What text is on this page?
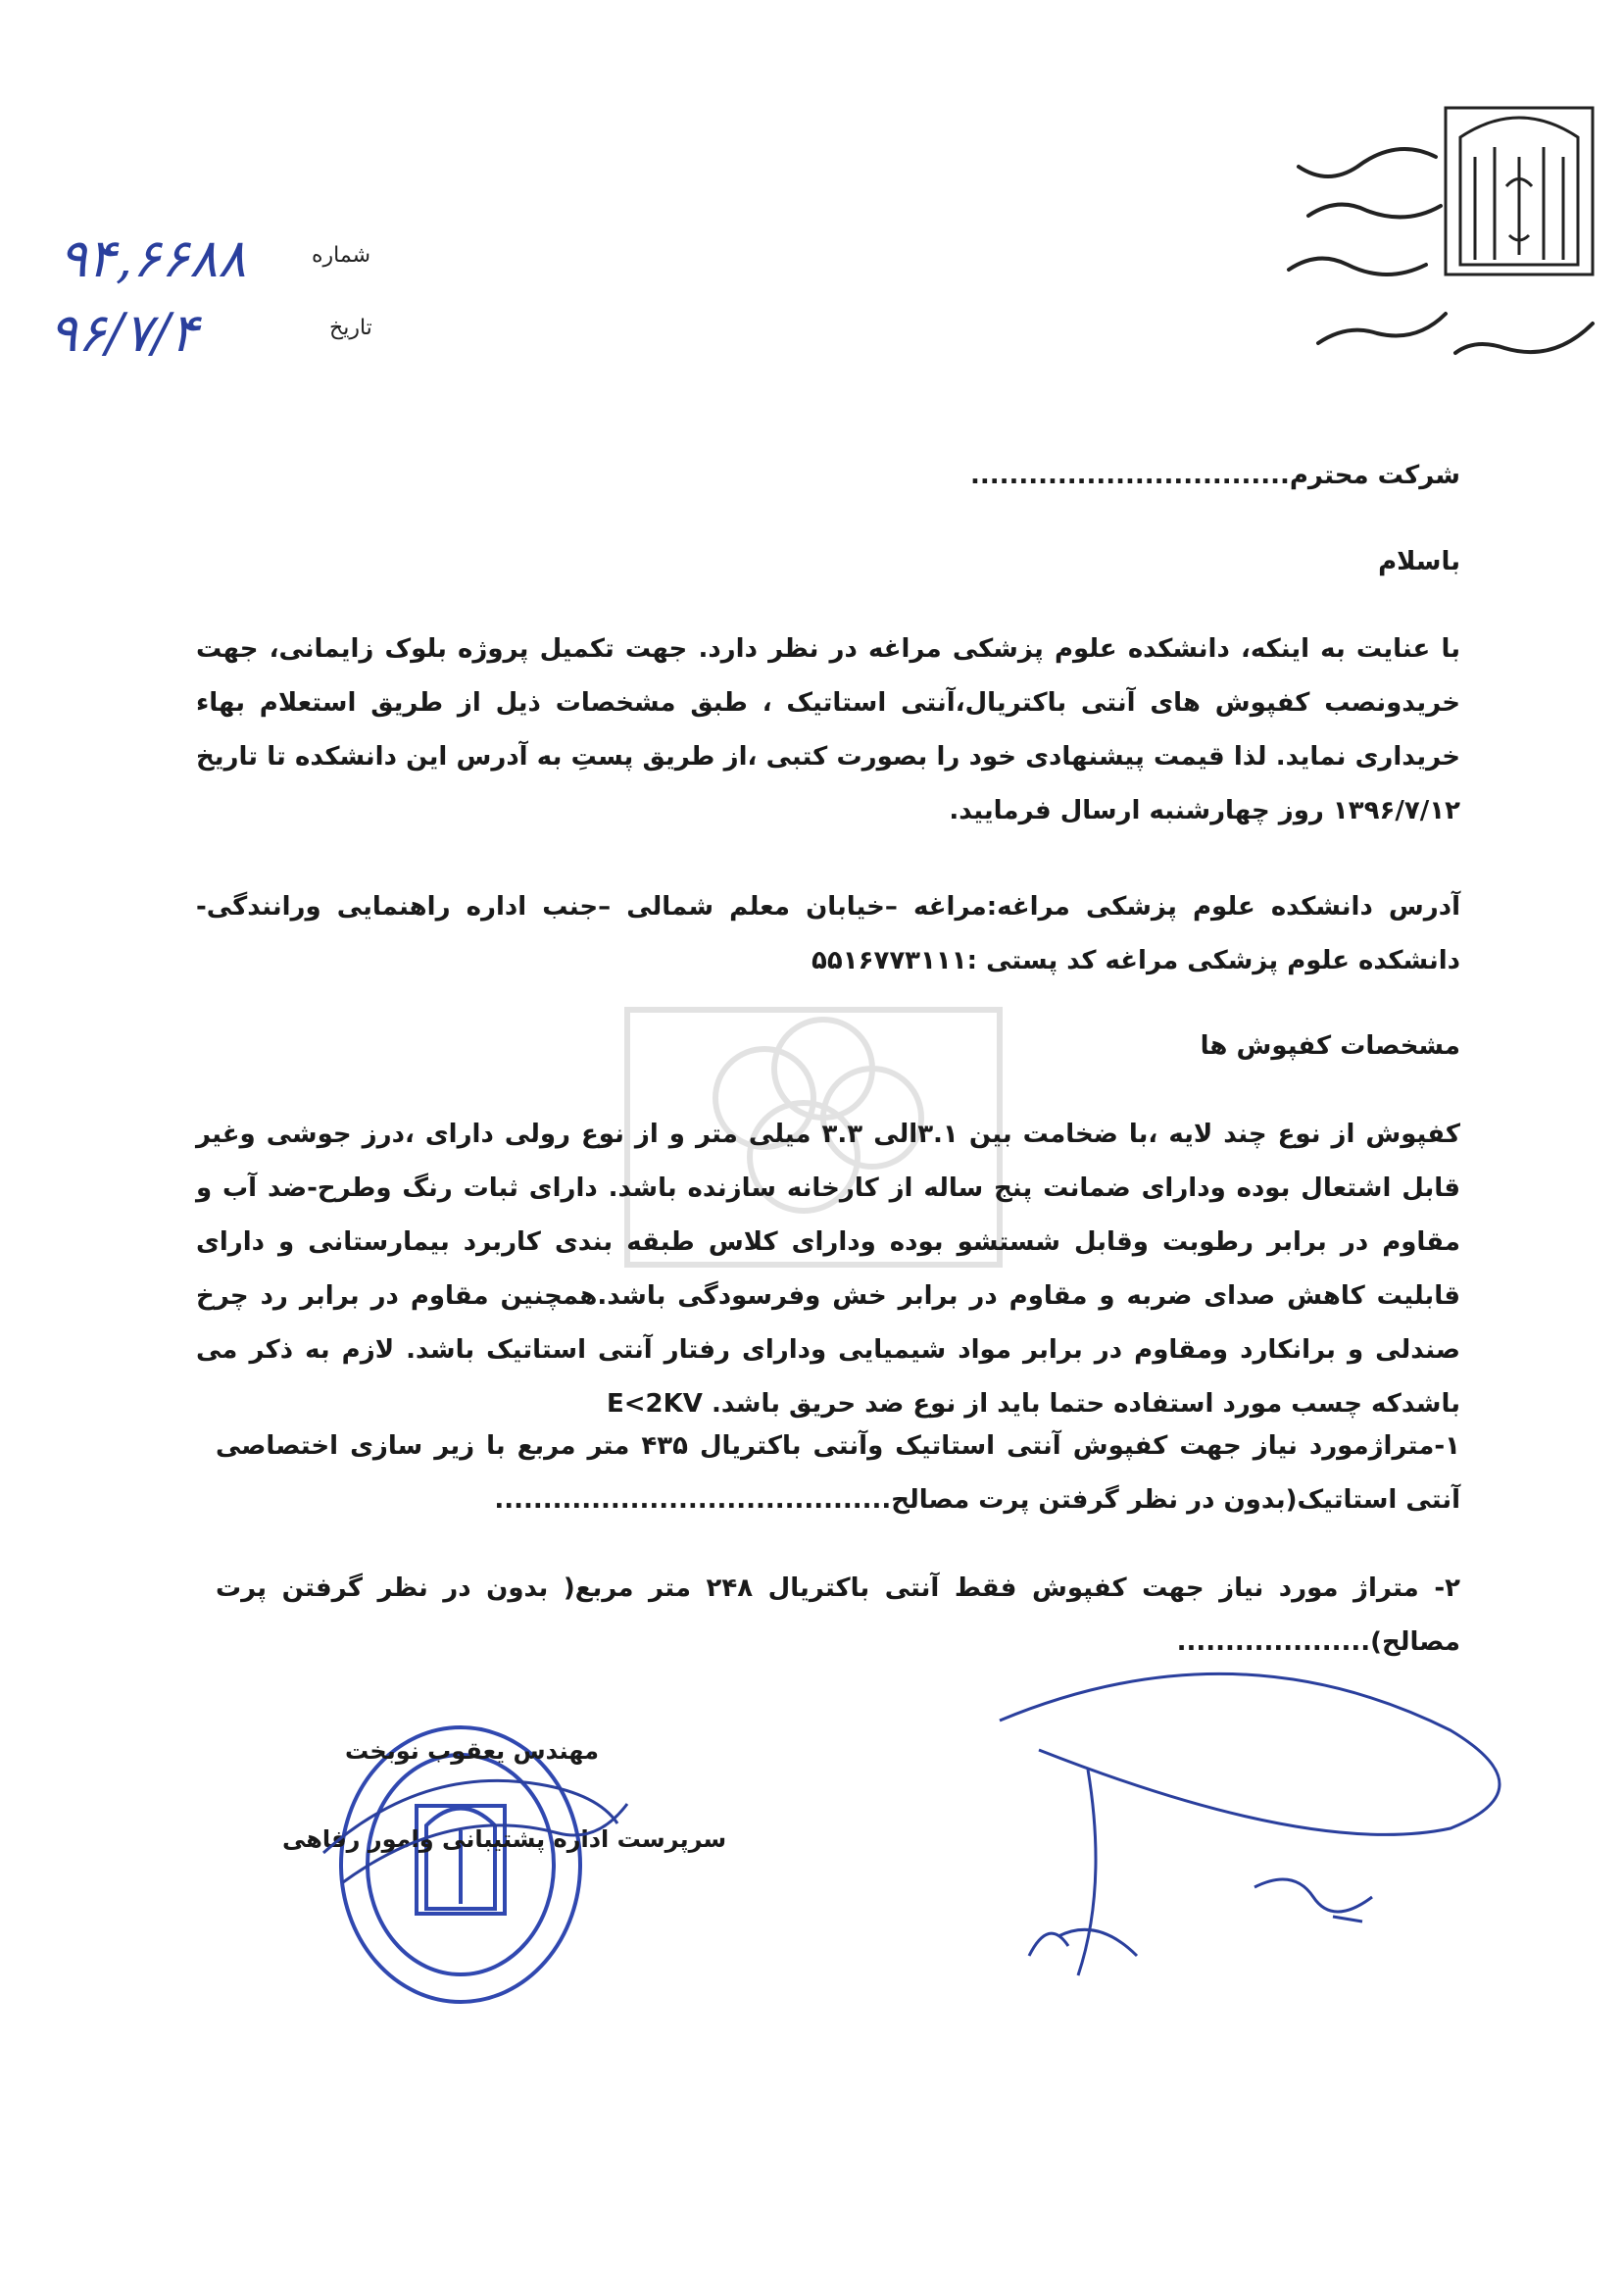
شماره
تاریخ
۹۴,۶۶۸۸
۹۶/۷/۴
شرکت محترم.................................
باسلام
با عنایت به اینکه، دانشکده علوم پزشکی مراغه در نظر دارد. جهت تکمیل پروژه بلوک زایمانی، جهت خریدونصب کفپوش های آنتی باکتریال،آنتی استاتیک ، طبق مشخصات ذیل از طریق استعلام بهاء خریداری نماید. لذا قیمت پیشنهادی خود را بصورت کتبی ،از طریق پستِ به آدرس این دانشکده تا تاریخ ۱۳۹۶/۷/۱۲ روز چهارشنبه ارسال فرمایید.
آدرس دانشکده علوم پزشکی مراغه:مراغه –خیابان معلم شمالی –جنب اداره راهنمایی ورانندگی-دانشکده علوم پزشکی مراغه کد پستی :۵۵۱۶۷۷۳۱۱۱
مشخصات کفپوش ها
کفپوش از نوع چند لایه ،با ضخامت بین ۳.۱الی ۳.۳ میلی متر و از نوع رولی دارای ،درز جوشی وغیر قابل اشتعال بوده ودارای ضمانت پنج ساله از کارخانه سازنده باشد. دارای ثبات رنگ وطرح-ضد آب و مقاوم در برابر رطوبت وقابل شستشو بوده ودارای کلاس طبقه بندی کاربرد بیمارستانی و دارای قابلیت کاهش صدای ضربه و مقاوم در برابر خش وفرسودگی باشد.همچنین مقاوم در برابر رد چرخ صندلی و برانکارد ومقاوم در برابر مواد شیمیایی ودارای رفتار آنتی استاتیک باشد. لازم به ذکر می باشدکه چسب مورد استفاده حتما باید از نوع ضد حریق باشد. E<2KV
۱-متراژمورد نیاز جهت کفپوش آنتی استاتیک وآنتی باکتریال ۴۳۵ متر مربع با زیر سازی اختصاصی آنتی استاتیک(بدون در نظر گرفتن پرت مصالح.........................................
۲- متراژ مورد نیاز جهت کفپوش فقط آنتی باکتریال ۲۴۸ متر مربع( بدون در نظر گرفتن پرت مصالح)....................
مهندس یعقوب نوبخت
سرپرست اداره پشتیبانی وامور رفاهی
